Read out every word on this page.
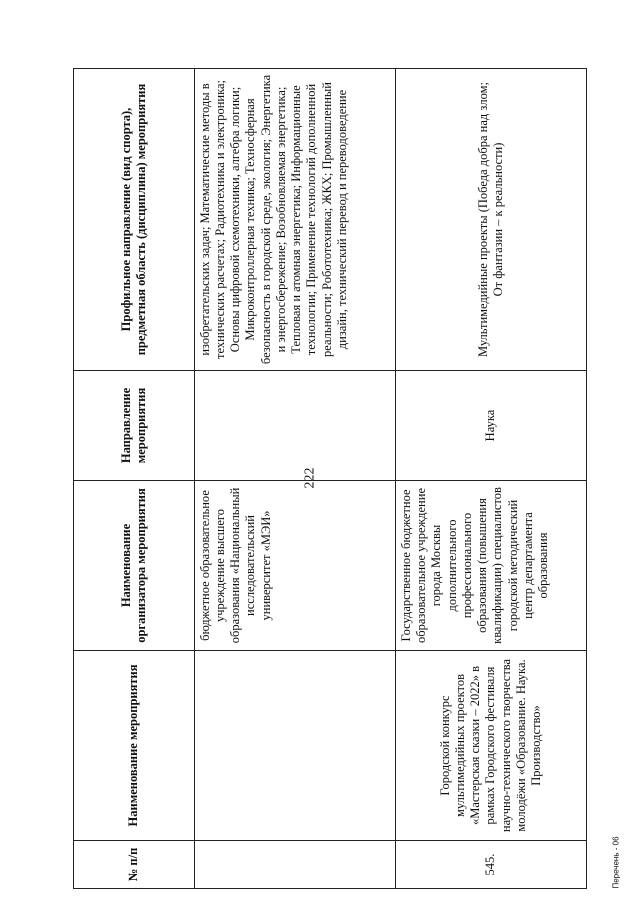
222
№ п/п	Наименование мероприятия	Наименование организатора мероприятия	Направление мероприятия	Профильное направление (вид спорта), предметная область (дисциплина) мероприятия
		бюджетное образовательное учреждение высшего образования «Национальный исследовательский университет «МЭИ»		изобретательских задач; Математические методы в технических расчетах; Радиотехника и электроника; Основы цифровой схемотехники, алгебра логики; Микроконтроллерная техника; Техносферная безопасность в городской среде, экология; Энергетика и энергосбережение; Возобновляемая энергетика; Тепловая и атомная энергетика; Информационные технологии; Применение технологий дополненной реальности; Робототехника; ЖКХ; Промышленный дизайн, технический перевод и переводоведение
545.	Городской конкурс мультимедийных проектов «Мастерская сказки – 2022» в рамках Городского фестиваля научно-технического творчества молодёжи «Образование. Наука. Производство»	Государственное бюджетное образовательное учреждение города Москвы дополнительного профессионального образования (повышения квалификации) специалистов городской методический центр департамента образования	Наука	Мультимедийные проекты (Победа добра над злом; От фантазии – к реальности)
Перечень - 06
